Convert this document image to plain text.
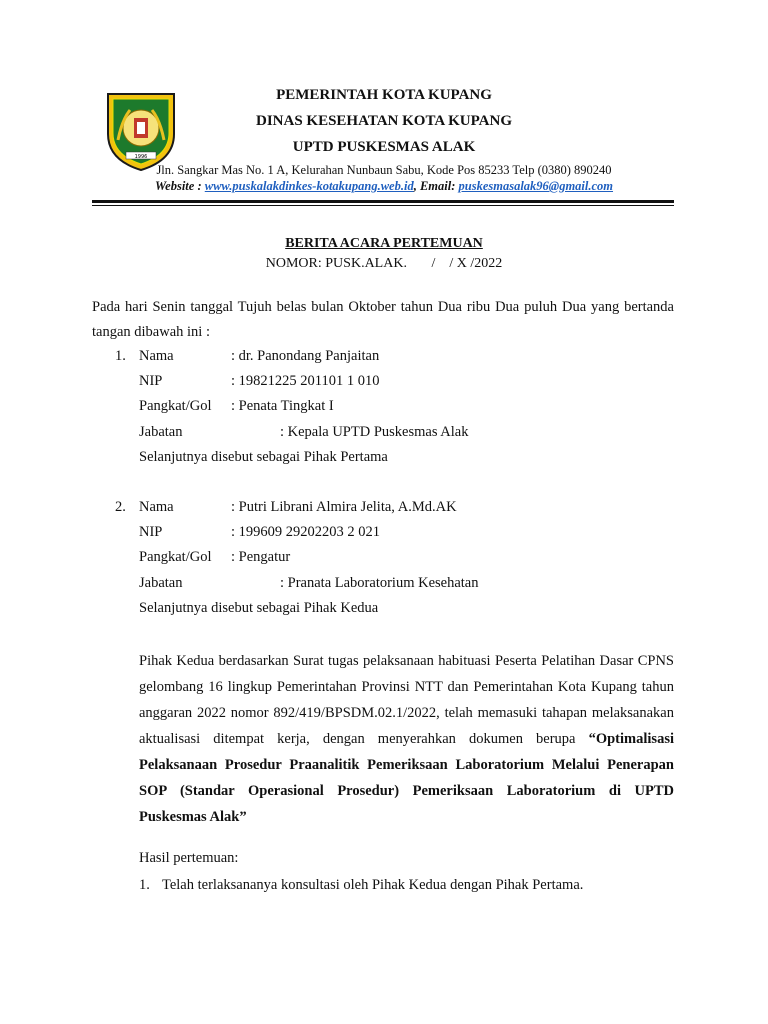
1996
PEMERINTAH KOTA KUPANG
DINAS KESEHATAN KOTA KUPANG
UPTD PUSKESMAS ALAK
Jln. Sangkar Mas No. 1 A, Kelurahan Nunbaun Sabu, Kode Pos 85233 Telp (0380) 890240
Website : www.puskalakdinkes-kotakupang.web.id, Email: puskesmasalak96@gmail.com
BERITA ACARA PERTEMUAN
NOMOR: PUSK.ALAK.       /    / X /2022
Pada hari Senin tanggal Tujuh belas bulan Oktober tahun Dua ribu Dua puluh Dua yang bertanda tangan dibawah ini :
1. Nama	: dr. Panondang Panjaitan
NIP	: 19821225 201101 1 010
Pangkat/Gol : Penata Tingkat I
Jabatan	: Kepala UPTD Puskesmas Alak
Selanjutnya disebut sebagai Pihak Pertama
2. Nama	: Putri Librani Almira Jelita, A.Md.AK
NIP	: 199609 29202203 2 021
Pangkat/Gol : Pengatur
Jabatan	: Pranata Laboratorium Kesehatan
Selanjutnya disebut sebagai Pihak Kedua
Pihak Kedua berdasarkan Surat tugas pelaksanaan habituasi Peserta Pelatihan Dasar CPNS gelombang 16 lingkup Pemerintahan Provinsi NTT dan Pemerintahan Kota Kupang tahun anggaran 2022 nomor 892/419/BPSDM.02.1/2022, telah memasuki tahapan melaksanakan aktualisasi ditempat kerja, dengan menyerahkan dokumen berupa “Optimalisasi Pelaksanaan Prosedur Praanalitik Pemeriksaan Laboratorium Melalui Penerapan SOP (Standar Operasional Prosedur) Pemeriksaan Laboratorium di UPTD Puskesmas Alak”
Hasil pertemuan:
1. Telah terlaksananya konsultasi oleh Pihak Kedua dengan Pihak Pertama.
